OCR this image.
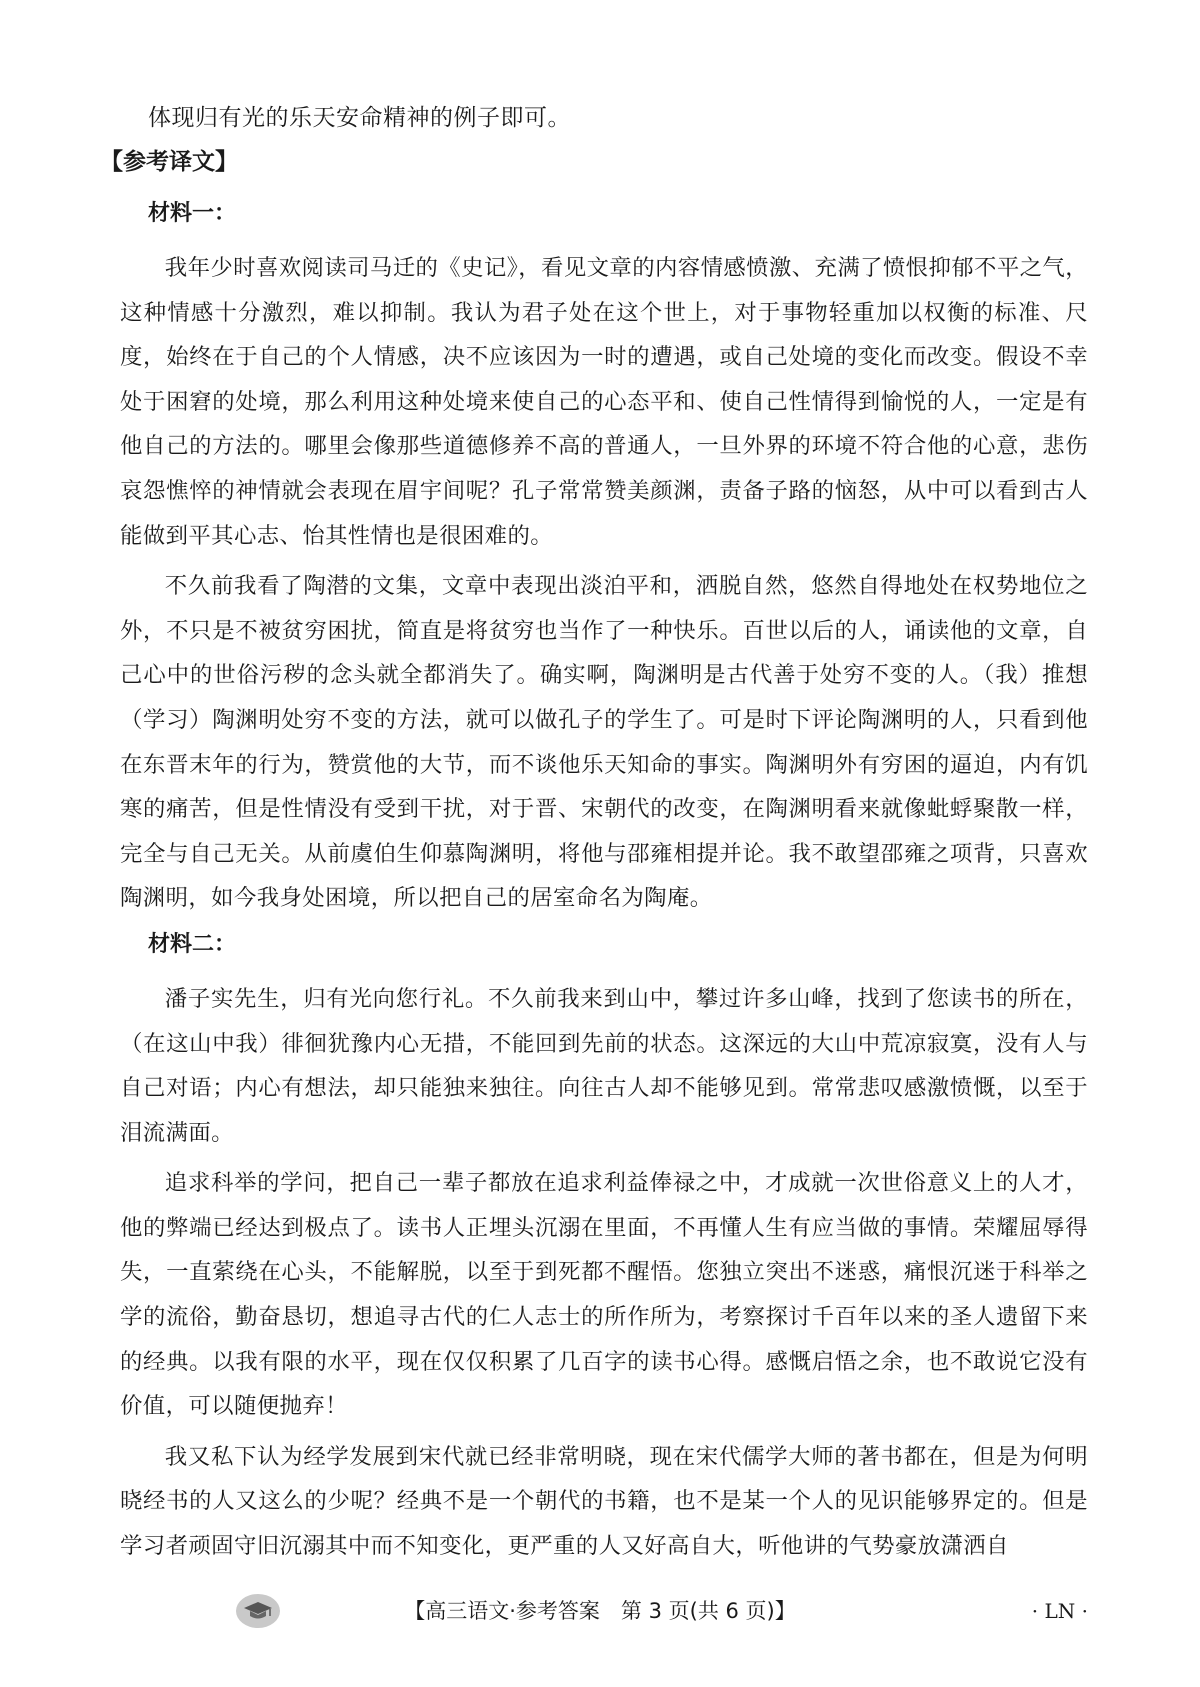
体现归有光的乐天安命精神的例子即可。

【参考译文】

材料一：

我年少时喜欢阅读司马迁的《史记》，看见文章的内容情感愤激、充满了愤恨抑郁不平之气，这种情感十分激烈，难以抑制。我认为君子处在这个世上，对于事物轻重加以权衡的标准、尺度，始终在于自己的个人情感，决不应该因为一时的遭遇，或自己处境的变化而改变。假设不幸处于困窘的处境，那么利用这种处境来使自己的心态平和、使自己性情得到愉悦的人，一定是有他自己的方法的。哪里会像那些道德修养不高的普通人，一旦外界的环境不符合他的心意，悲伤哀怨憔悴的神情就会表现在眉宇间呢？孔子常常赞美颜渊，责备子路的恼怒，从中可以看到古人能做到平其心志、怡其性情也是很困难的。

不久前我看了陶潜的文集，文章中表现出淡泊平和，洒脱自然，悠然自得地处在权势地位之外，不只是不被贫穷困扰，简直是将贫穷也当作了一种快乐。百世以后的人，诵读他的文章，自己心中的世俗污秽的念头就全都消失了。确实啊，陶渊明是古代善于处穷不变的人。（我）推想（学习）陶渊明处穷不变的方法，就可以做孔子的学生了。可是时下评论陶渊明的人，只看到他在东晋末年的行为，赞赏他的大节，而不谈他乐天知命的事实。陶渊明外有穷困的逼迫，内有饥寒的痛苦，但是性情没有受到干扰，对于晋、宋朝代的改变，在陶渊明看来就像蚍蜉聚散一样，完全与自己无关。从前虞伯生仰慕陶渊明，将他与邵雍相提并论。我不敢望邵雍之项背，只喜欢陶渊明，如今我身处困境，所以把自己的居室命名为陶庵。

材料二：

潘子实先生，归有光向您行礼。不久前我来到山中，攀过许多山峰，找到了您读书的所在，（在这山中我）徘徊犹豫内心无措，不能回到先前的状态。这深远的大山中荒凉寂寞，没有人与自己对语；内心有想法，却只能独来独往。向往古人却不能够见到。常常悲叹感激愤慨，以至于泪流满面。

追求科举的学问，把自己一辈子都放在追求利益俸禄之中，才成就一次世俗意义上的人才，他的弊端已经达到极点了。读书人正埋头沉溺在里面，不再懂人生有应当做的事情。荣耀屈辱得失，一直萦绕在心头，不能解脱，以至于到死都不醒悟。您独立突出不迷惑，痛恨沉迷于科举之学的流俗，勤奋恳切，想追寻古代的仁人志士的所作所为，考察探讨千百年以来的圣人遗留下来的经典。以我有限的水平，现在仅仅积累了几百字的读书心得。感慨启悟之余，也不敢说它没有价值，可以随便抛弃！

我又私下认为经学发展到宋代就已经非常明晓，现在宋代儒学大师的著书都在，但是为何明晓经书的人又这么的少呢？经典不是一个朝代的书籍，也不是某一个人的见识能够界定的。但是学习者顽固守旧沉溺其中而不知变化，更严重的人又好高自大，听他讲的气势豪放潇洒自

【高三语文·参考答案　第 3 页(共 6 页)】	· LN ·
